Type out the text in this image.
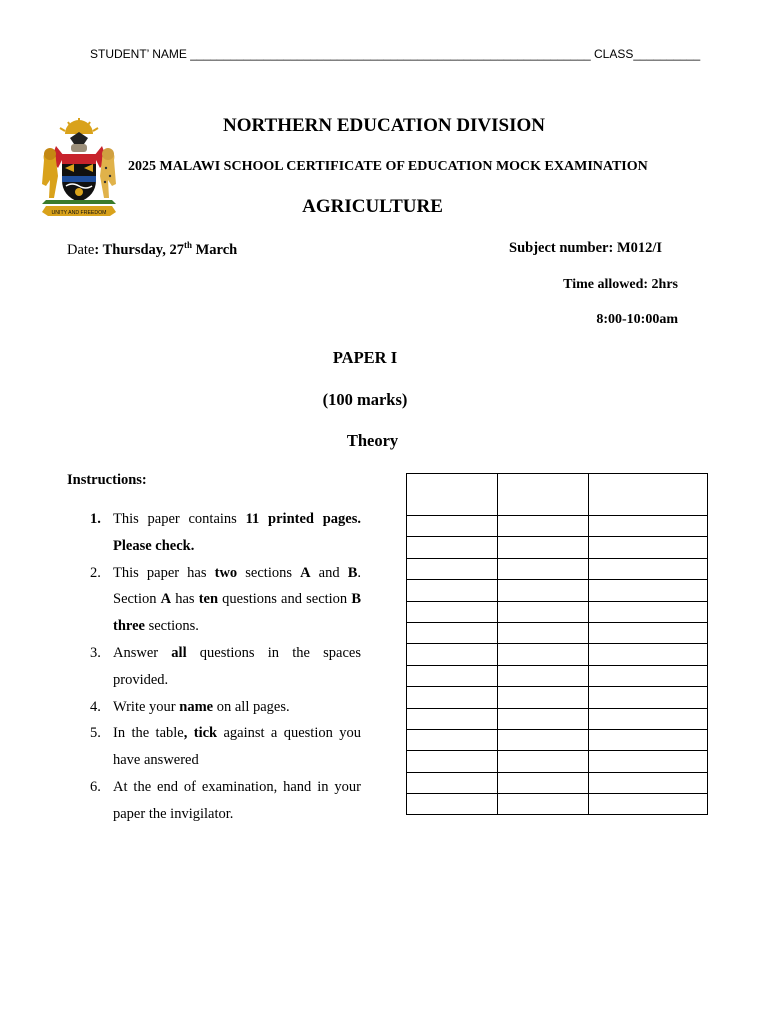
STUDENT’ NAME ____________________________________________________________ CLASS__________
UNITY AND FREEDOM
NORTHERN EDUCATION DIVISION
2025 MALAWI SCHOOL CERTIFICATE OF EDUCATION MOCK EXAMINATION
AGRICULTURE
Date: Thursday, 27th March	Subject number: M012/I
Time allowed: 2hrs
8:00-10:00am
PAPER I
(100 marks)
Theory
Instructions:
1. This paper contains 11 printed pages. Please check.
2. This paper has two sections A and B. Section A has ten questions and section B three sections.
3. Answer all questions in the spaces provided.
4. Write your name on all pages.
5. In the table, tick against a question you have answered
6. At the end of examination, hand in your paper the invigilator.
